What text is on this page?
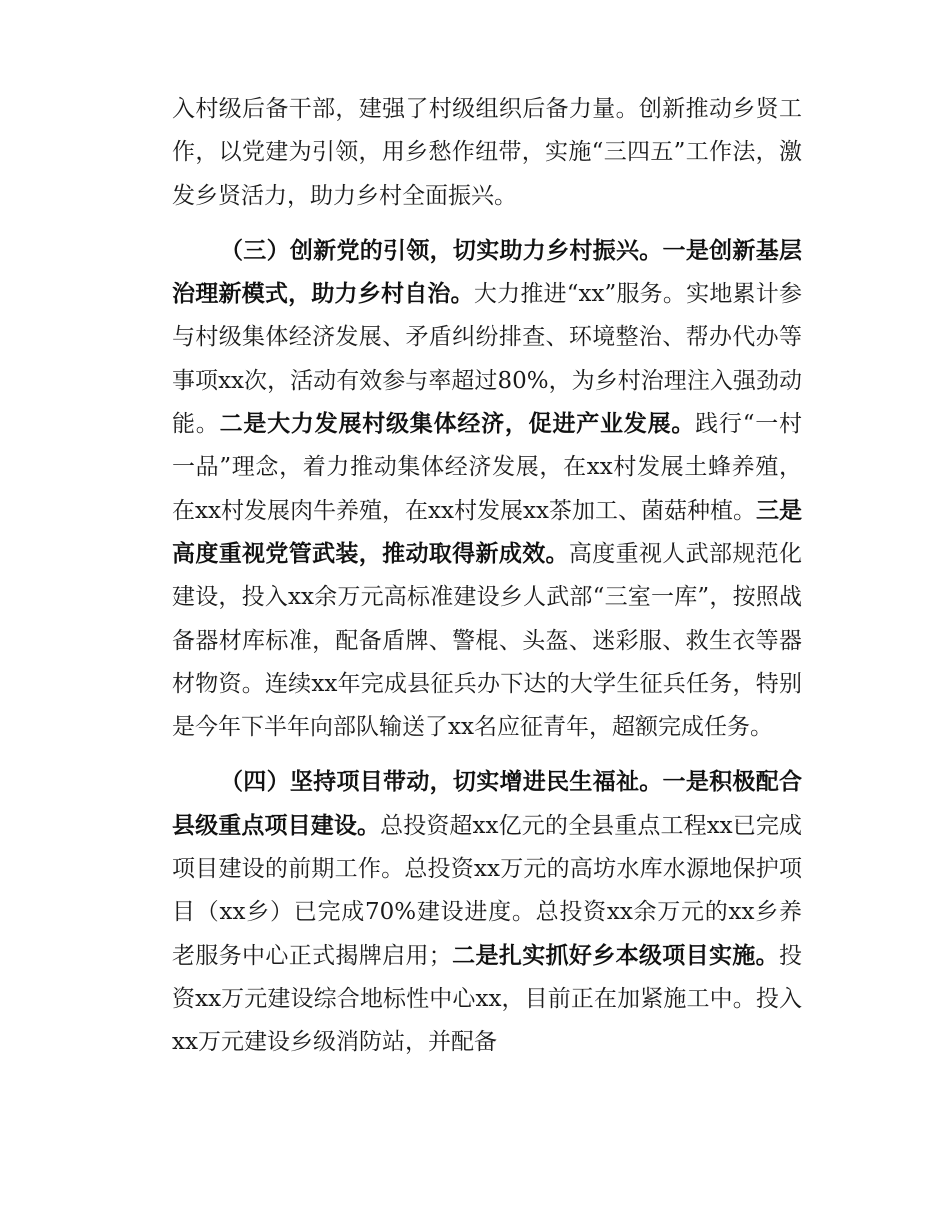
入村级后备干部，建强了村级组织后备力量。创新推动乡贤工作，以党建为引领，用乡愁作纽带，实施“三四五”工作法，激发乡贤活力，助力乡村全面振兴。

（三）创新党的引领，切实助力乡村振兴。一是创新基层治理新模式，助力乡村自治。大力推进“xx”服务。实地累计参与村级集体经济发展、矛盾纠纷排查、环境整治、帮办代办等事项xx次，活动有效参与率超过80%，为乡村治理注入强劲动能。二是大力发展村级集体经济，促进产业发展。践行“一村一品”理念，着力推动集体经济发展，在xx村发展土蜂养殖，在xx村发展肉牛养殖，在xx村发展xx茶加工、菌菇种植。三是高度重视党管武装，推动取得新成效。高度重视人武部规范化建设，投入xx余万元高标准建设乡人武部“三室一库”，按照战备器材库标准，配备盾牌、警棍、头盔、迷彩服、救生衣等器材物资。连续xx年完成县征兵办下达的大学生征兵任务，特别是今年下半年向部队输送了xx名应征青年，超额完成任务。

（四）坚持项目带动，切实增进民生福祉。一是积极配合县级重点项目建设。总投资超xx亿元的全县重点工程xx已完成项目建设的前期工作。总投资xx万元的高坊水库水源地保护项目（xx乡）已完成70%建设进度。总投资xx余万元的xx乡养老服务中心正式揭牌启用；二是扎实抓好乡本级项目实施。投资xx万元建设综合地标性中心xx，目前正在加紧施工中。投入xx万元建设乡级消防站，并配备
